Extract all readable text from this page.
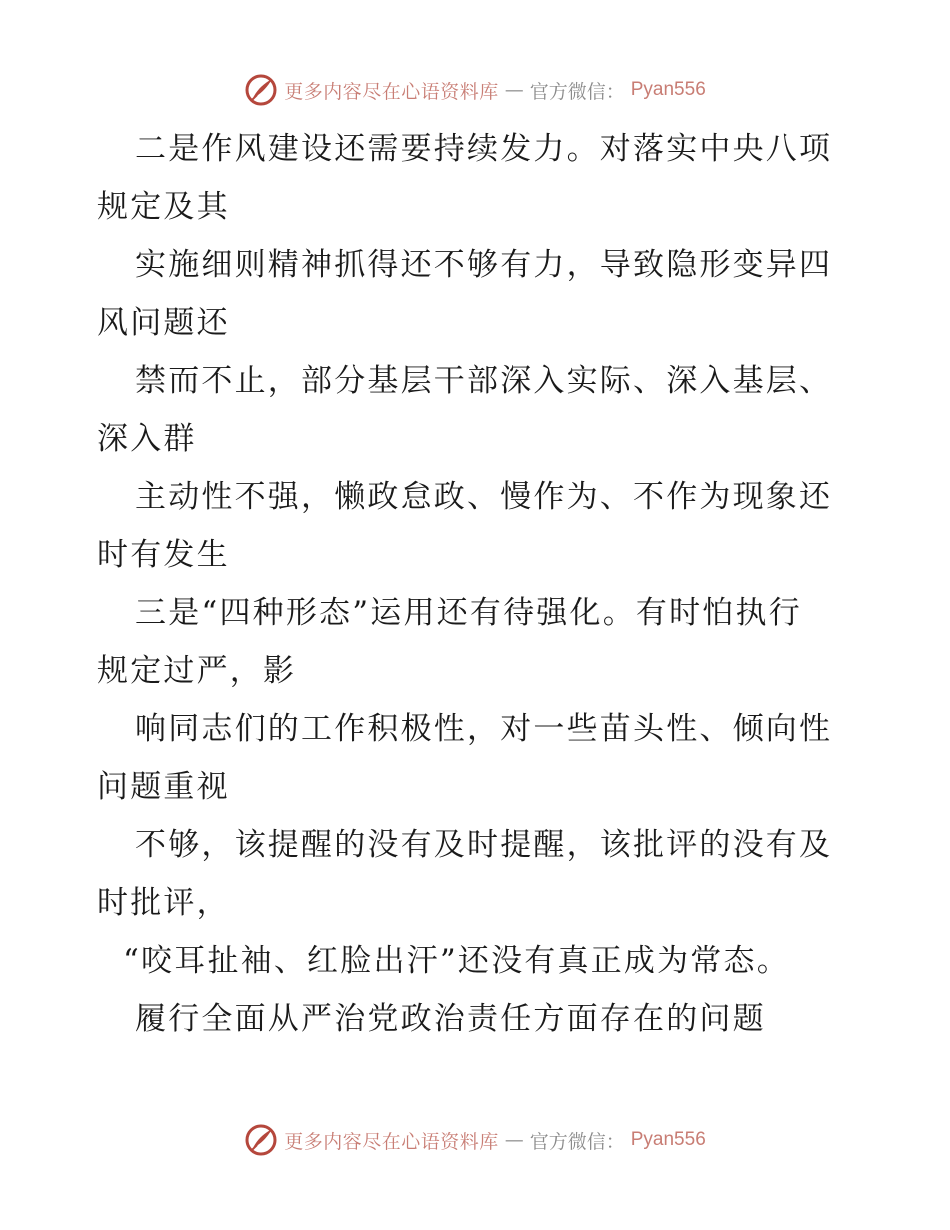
更多内容尽在心语资料库 — 官方微信： Pyan556
二是作风建设还需要持续发力。对落实中央八项
规定及其
实施细则精神抓得还不够有力，导致隐形变异四
风问题还
禁而不止，部分基层干部深入实际、深入基层、
深入群
主动性不强，懒政怠政、慢作为、不作为现象还
时有发生
三是“四种形态”运用还有待强化。有时怕执行
规定过严，影
响同志们的工作积极性，对一些苗头性、倾向性
问题重视
不够，该提醒的没有及时提醒，该批评的没有及
时批评，
“咬耳扯袖、红脸出汗”还没有真正成为常态。
履行全面从严治党政治责任方面存在的问题
更多内容尽在心语资料库 — 官方微信： Pyan556
